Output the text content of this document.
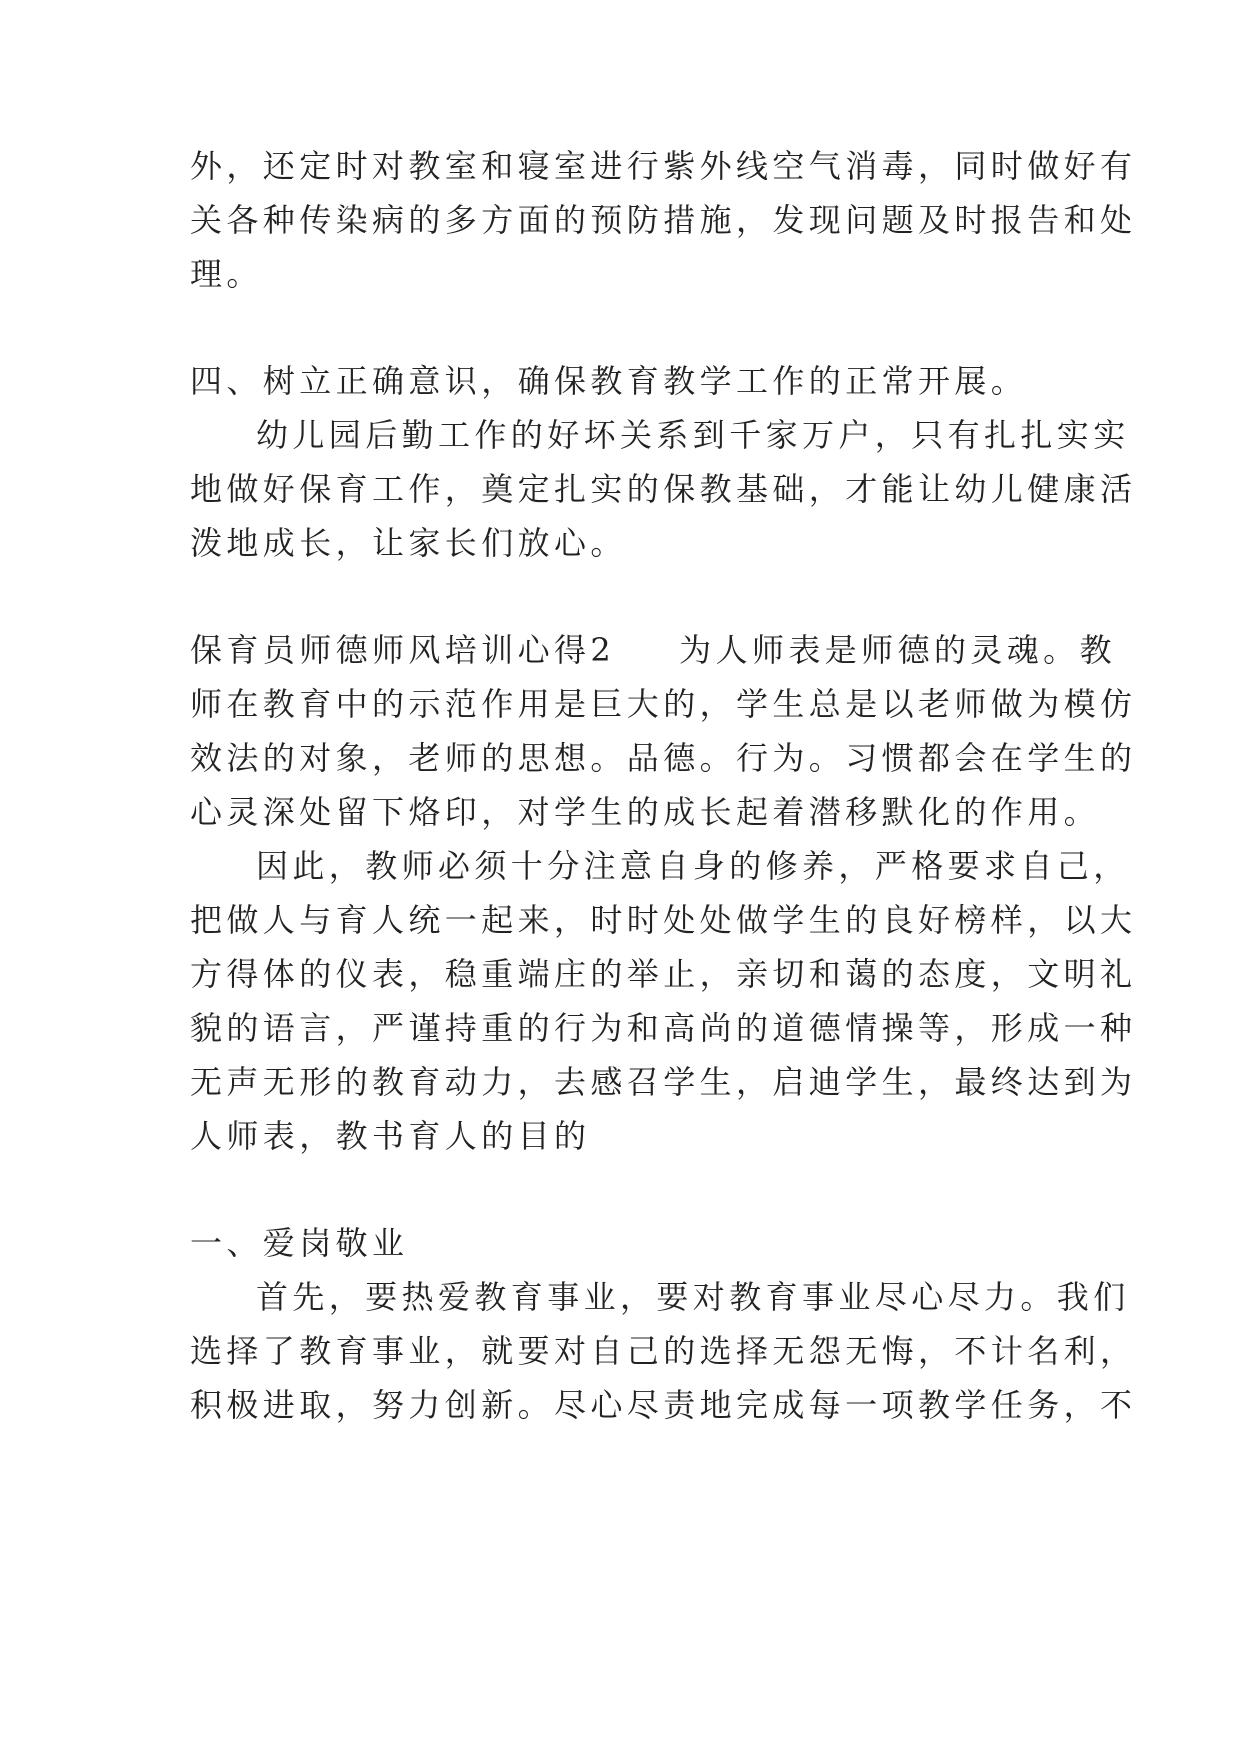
外，还定时对教室和寝室进行紫外线空气消毒，同时做好有
关各种传染病的多方面的预防措施，发现问题及时报告和处
理。
四、树立正确意识，确保教育教学工作的正常开展。
幼儿园后勤工作的好坏关系到千家万户，只有扎扎实实
地做好保育工作，奠定扎实的保教基础，才能让幼儿健康活
泼地成长，让家长们放心。
保育员师德师风培训心得2 为人师表是师德的灵魂。教
师在教育中的示范作用是巨大的，学生总是以老师做为模仿
效法的对象，老师的思想。品德。行为。习惯都会在学生的
心灵深处留下烙印，对学生的成长起着潜移默化的作用。
因此，教师必须十分注意自身的修养，严格要求自己，
把做人与育人统一起来，时时处处做学生的良好榜样，以大
方得体的仪表，稳重端庄的举止，亲切和蔼的态度，文明礼
貌的语言，严谨持重的行为和高尚的道德情操等，形成一种
无声无形的教育动力，去感召学生，启迪学生，最终达到为
人师表，教书育人的目的
一、爱岗敬业
首先，要热爱教育事业，要对教育事业尽心尽力。我们
选择了教育事业，就要对自己的选择无怨无悔，不计名利，
积极进取，努力创新。尽心尽责地完成每一项教学任务，不
